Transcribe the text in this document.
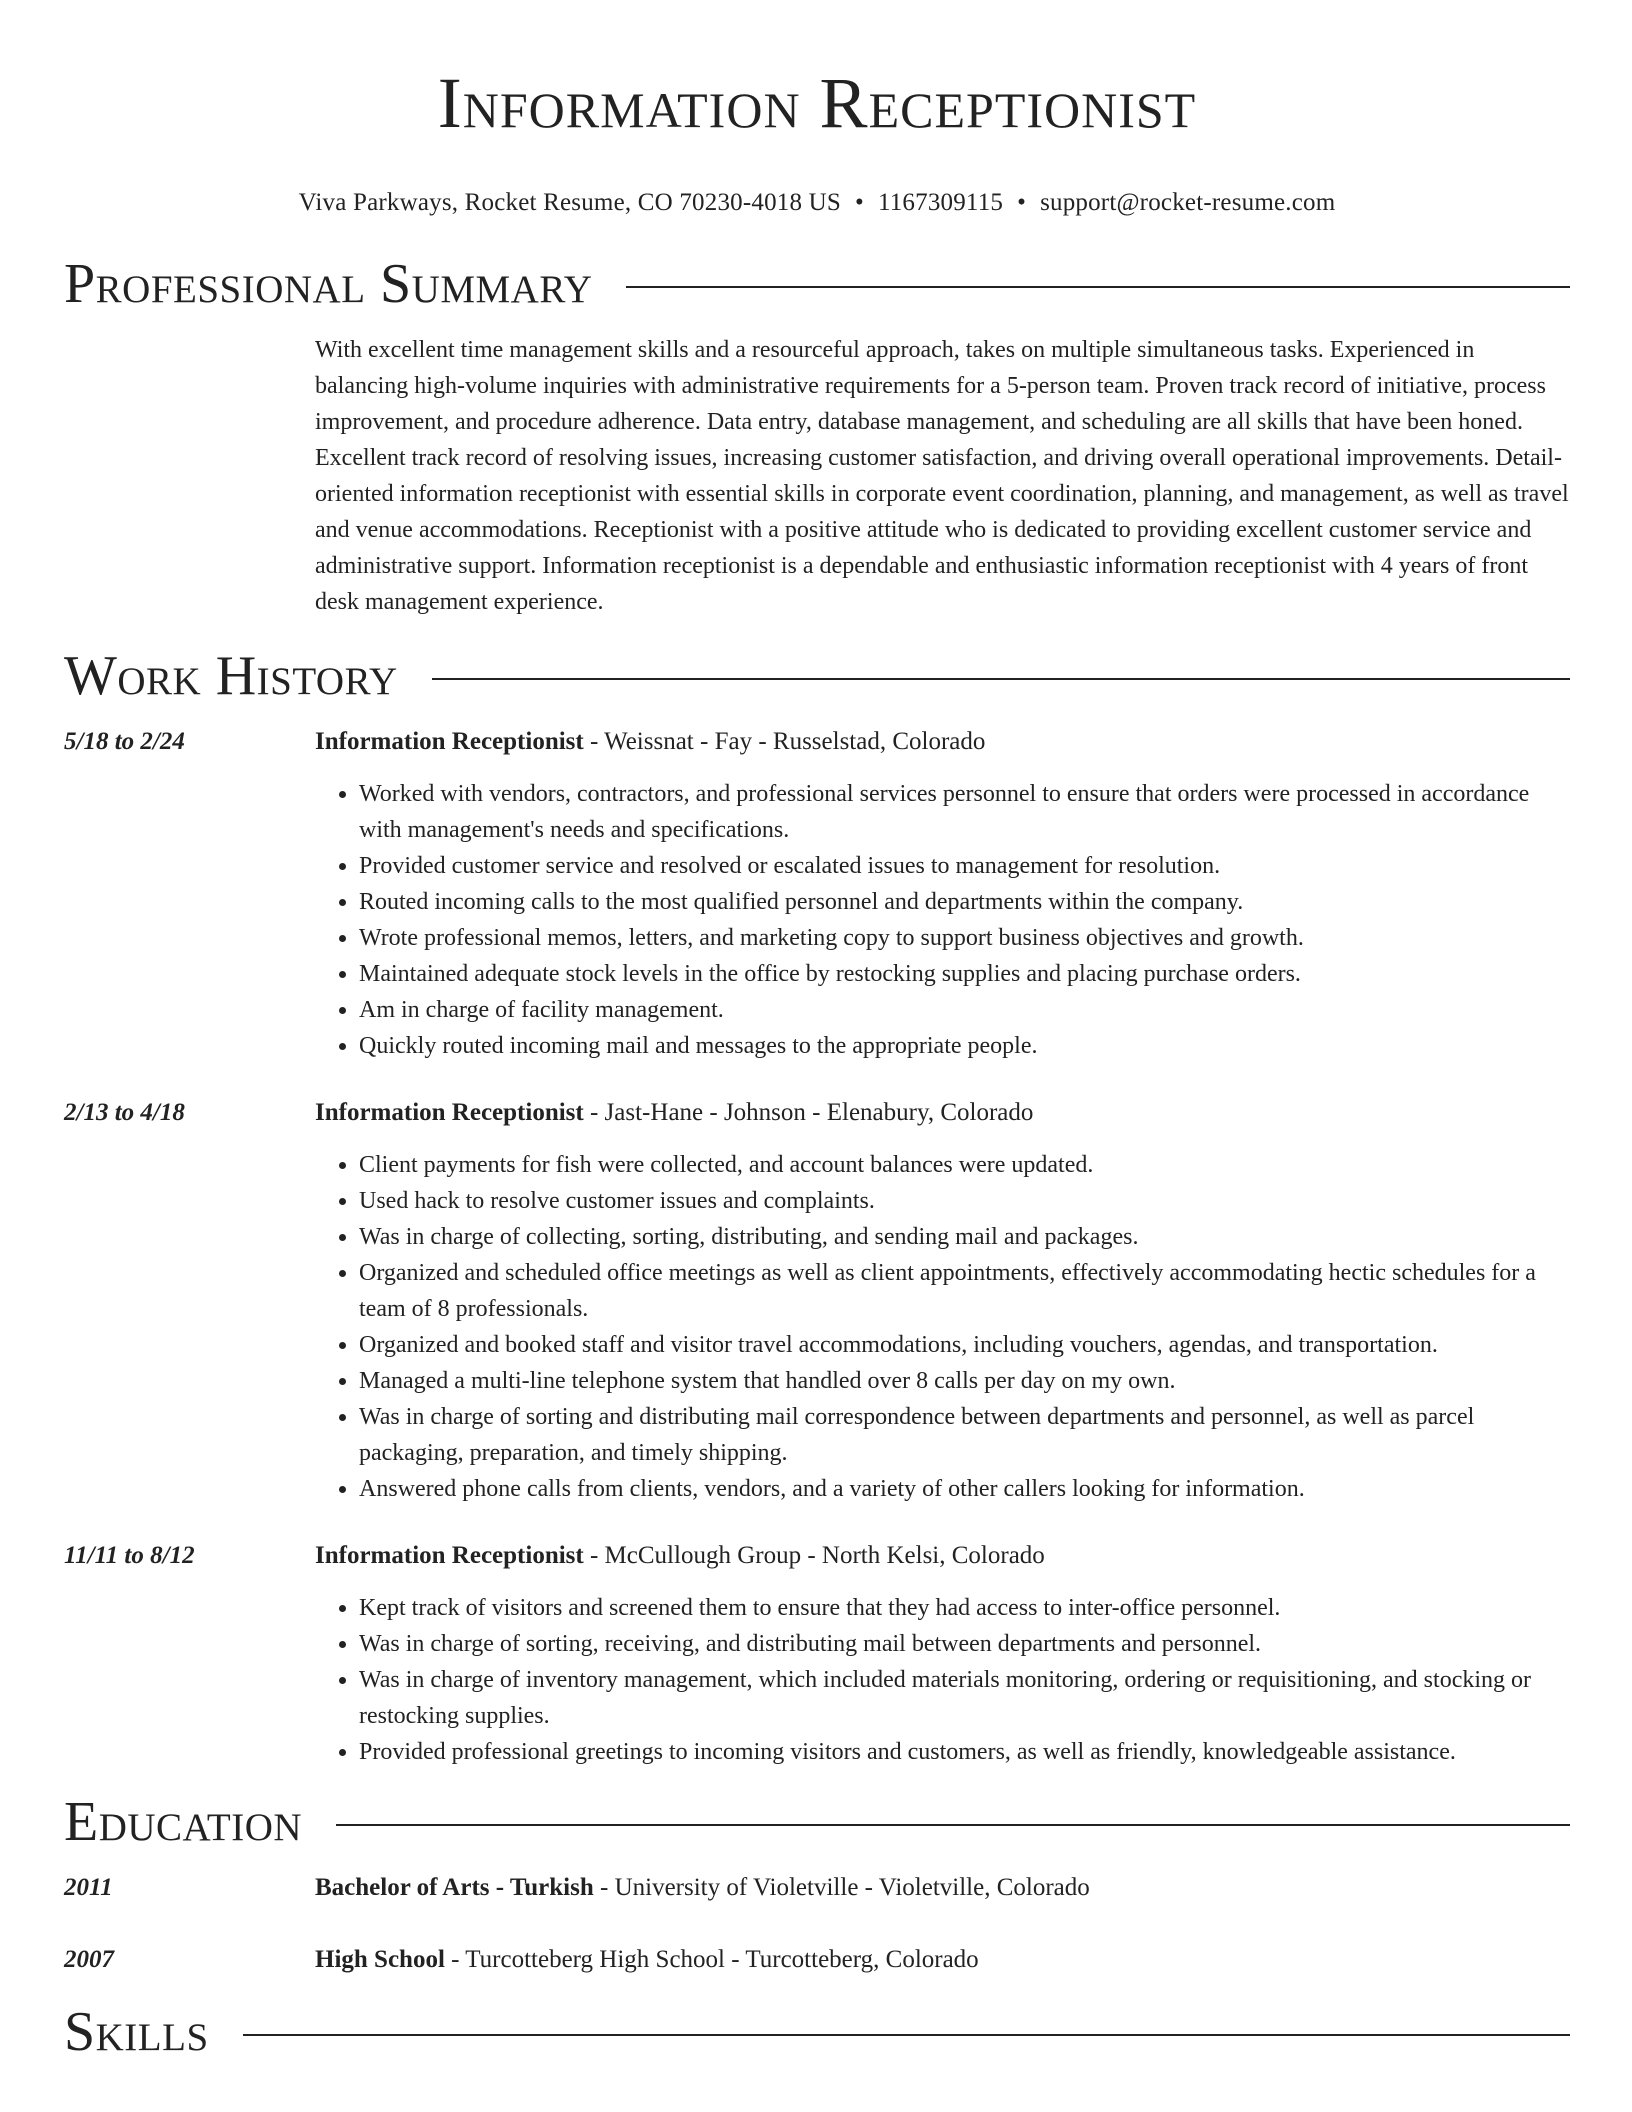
Information Receptionist
Viva Parkways, Rocket Resume, CO 70230-4018 US • 1167309115 • support@rocket-resume.com
Professional Summary
With excellent time management skills and a resourceful approach, takes on multiple simultaneous tasks. Experienced in balancing high-volume inquiries with administrative requirements for a 5-person team. Proven track record of initiative, process improvement, and procedure adherence. Data entry, database management, and scheduling are all skills that have been honed. Excellent track record of resolving issues, increasing customer satisfaction, and driving overall operational improvements. Detail-oriented information receptionist with essential skills in corporate event coordination, planning, and management, as well as travel and venue accommodations. Receptionist with a positive attitude who is dedicated to providing excellent customer service and administrative support. Information receptionist is a dependable and enthusiastic information receptionist with 4 years of front desk management experience.
Work History
5/18 to 2/24	Information Receptionist - Weissnat - Fay - Russelstad, Colorado
• Worked with vendors, contractors, and professional services personnel to ensure that orders were processed in accordance with management's needs and specifications.
• Provided customer service and resolved or escalated issues to management for resolution.
• Routed incoming calls to the most qualified personnel and departments within the company.
• Wrote professional memos, letters, and marketing copy to support business objectives and growth.
• Maintained adequate stock levels in the office by restocking supplies and placing purchase orders.
• Am in charge of facility management.
• Quickly routed incoming mail and messages to the appropriate people.
2/13 to 4/18	Information Receptionist - Jast-Hane - Johnson - Elenabury, Colorado
• Client payments for fish were collected, and account balances were updated.
• Used hack to resolve customer issues and complaints.
• Was in charge of collecting, sorting, distributing, and sending mail and packages.
• Organized and scheduled office meetings as well as client appointments, effectively accommodating hectic schedules for a team of 8 professionals.
• Organized and booked staff and visitor travel accommodations, including vouchers, agendas, and transportation.
• Managed a multi-line telephone system that handled over 8 calls per day on my own.
• Was in charge of sorting and distributing mail correspondence between departments and personnel, as well as parcel packaging, preparation, and timely shipping.
• Answered phone calls from clients, vendors, and a variety of other callers looking for information.
11/11 to 8/12	Information Receptionist - McCullough Group - North Kelsi, Colorado
• Kept track of visitors and screened them to ensure that they had access to inter-office personnel.
• Was in charge of sorting, receiving, and distributing mail between departments and personnel.
• Was in charge of inventory management, which included materials monitoring, ordering or requisitioning, and stocking or restocking supplies.
• Provided professional greetings to incoming visitors and customers, as well as friendly, knowledgeable assistance.
Education
2011	Bachelor of Arts - Turkish - University of Violetville - Violetville, Colorado
2007	High School - Turcotteberg High School - Turcotteberg, Colorado
Skills
